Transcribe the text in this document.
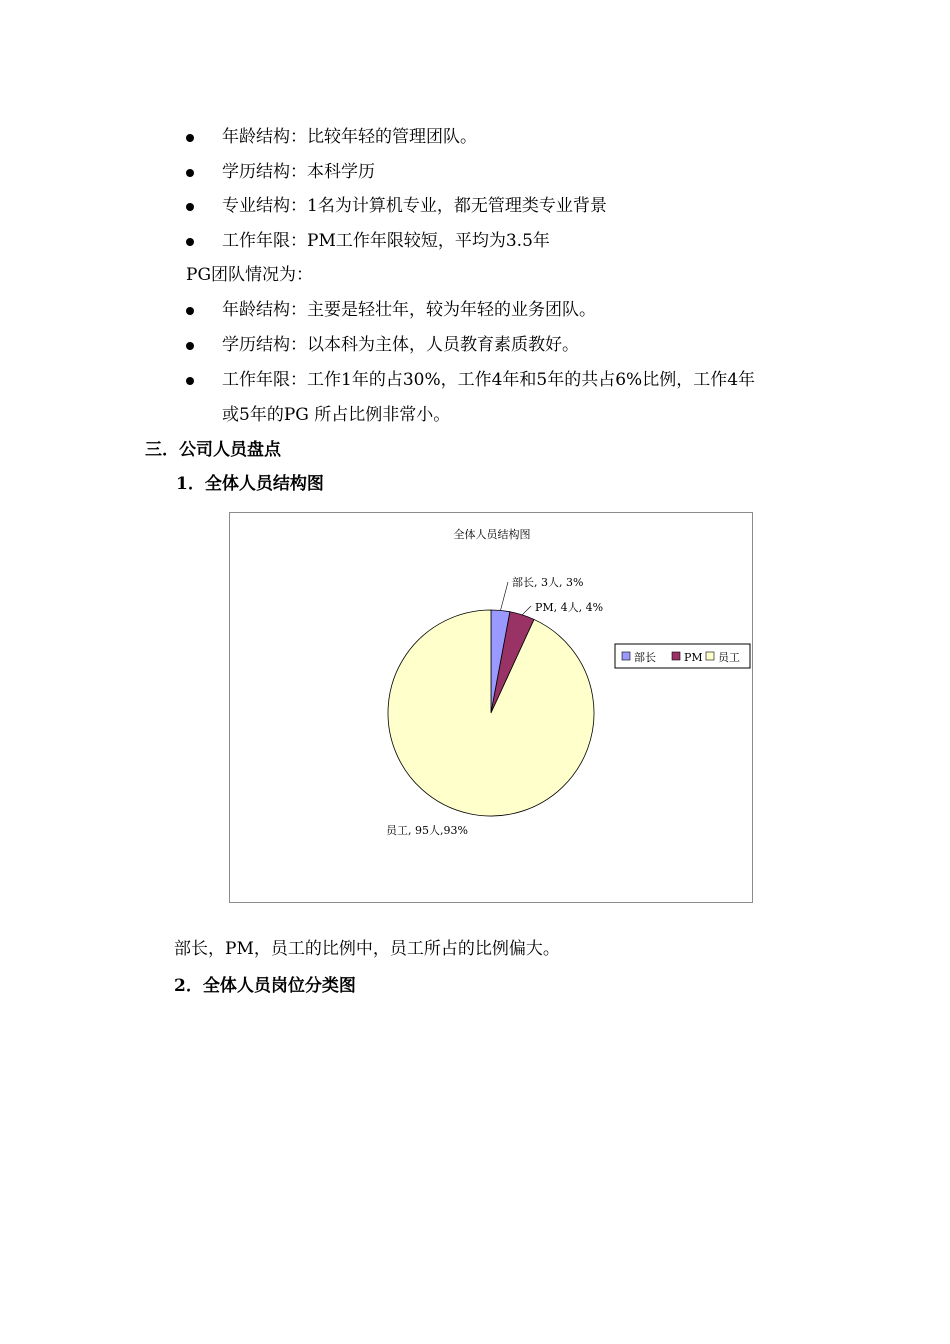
年龄结构：比较年轻的管理团队。
学历结构：本科学历
专业结构：1名为计算机专业，都无管理类专业背景
工作年限：PM工作年限较短，平均为3.5年
PG团队情况为：
年龄结构：主要是轻壮年，较为年轻的业务团队。
学历结构：以本科为主体，人员教育素质教好。
工作年限：工作1年的占30%，工作4年和5年的共占6%比例，工作4年
或5年的PG 所占比例非常小。
三．公司人员盘点
1．全体人员结构图
全体人员结构图
部长, 3人, 3%
PM, 4人, 4%
员工, 95人,93%
部长	PM 员工
部长，PM，员工的比例中，员工所占的比例偏大。
2．全体人员岗位分类图
